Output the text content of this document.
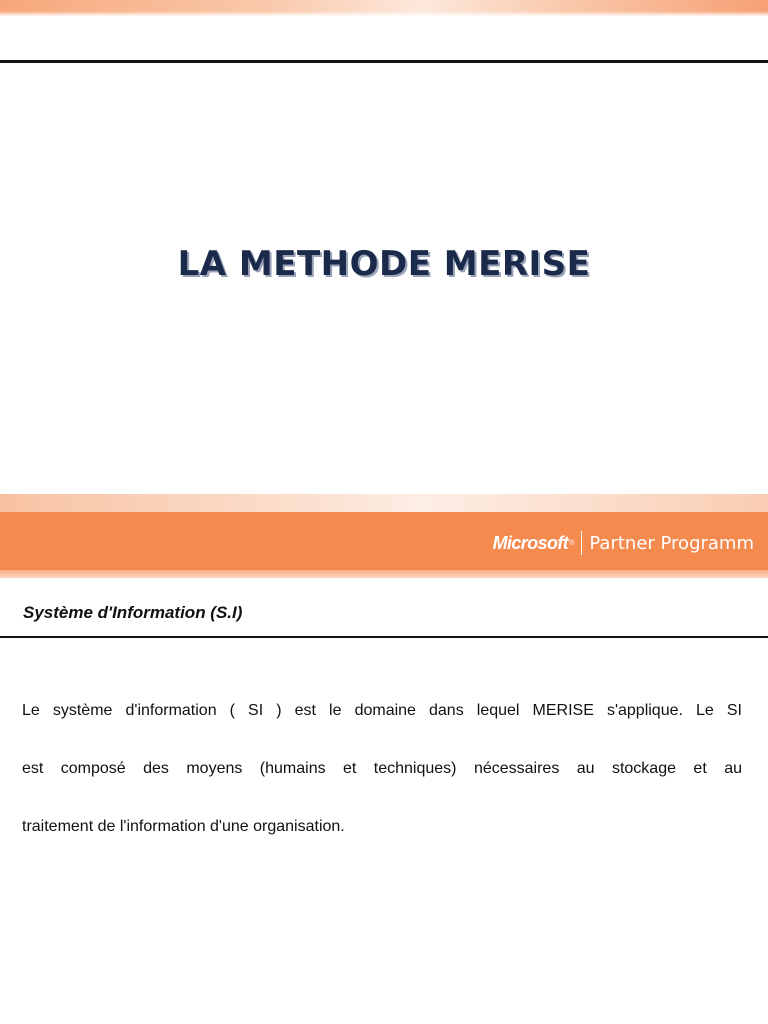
LA METHODE MERISE
Microsoft ® Partner Programm
Système d'Information (S.I)
Le système d'information ( SI ) est le domaine dans lequel MERISE s'applique. Le SI
est composé des moyens (humains et techniques) nécessaires au stockage et au
traitement de l'information d'une organisation.
